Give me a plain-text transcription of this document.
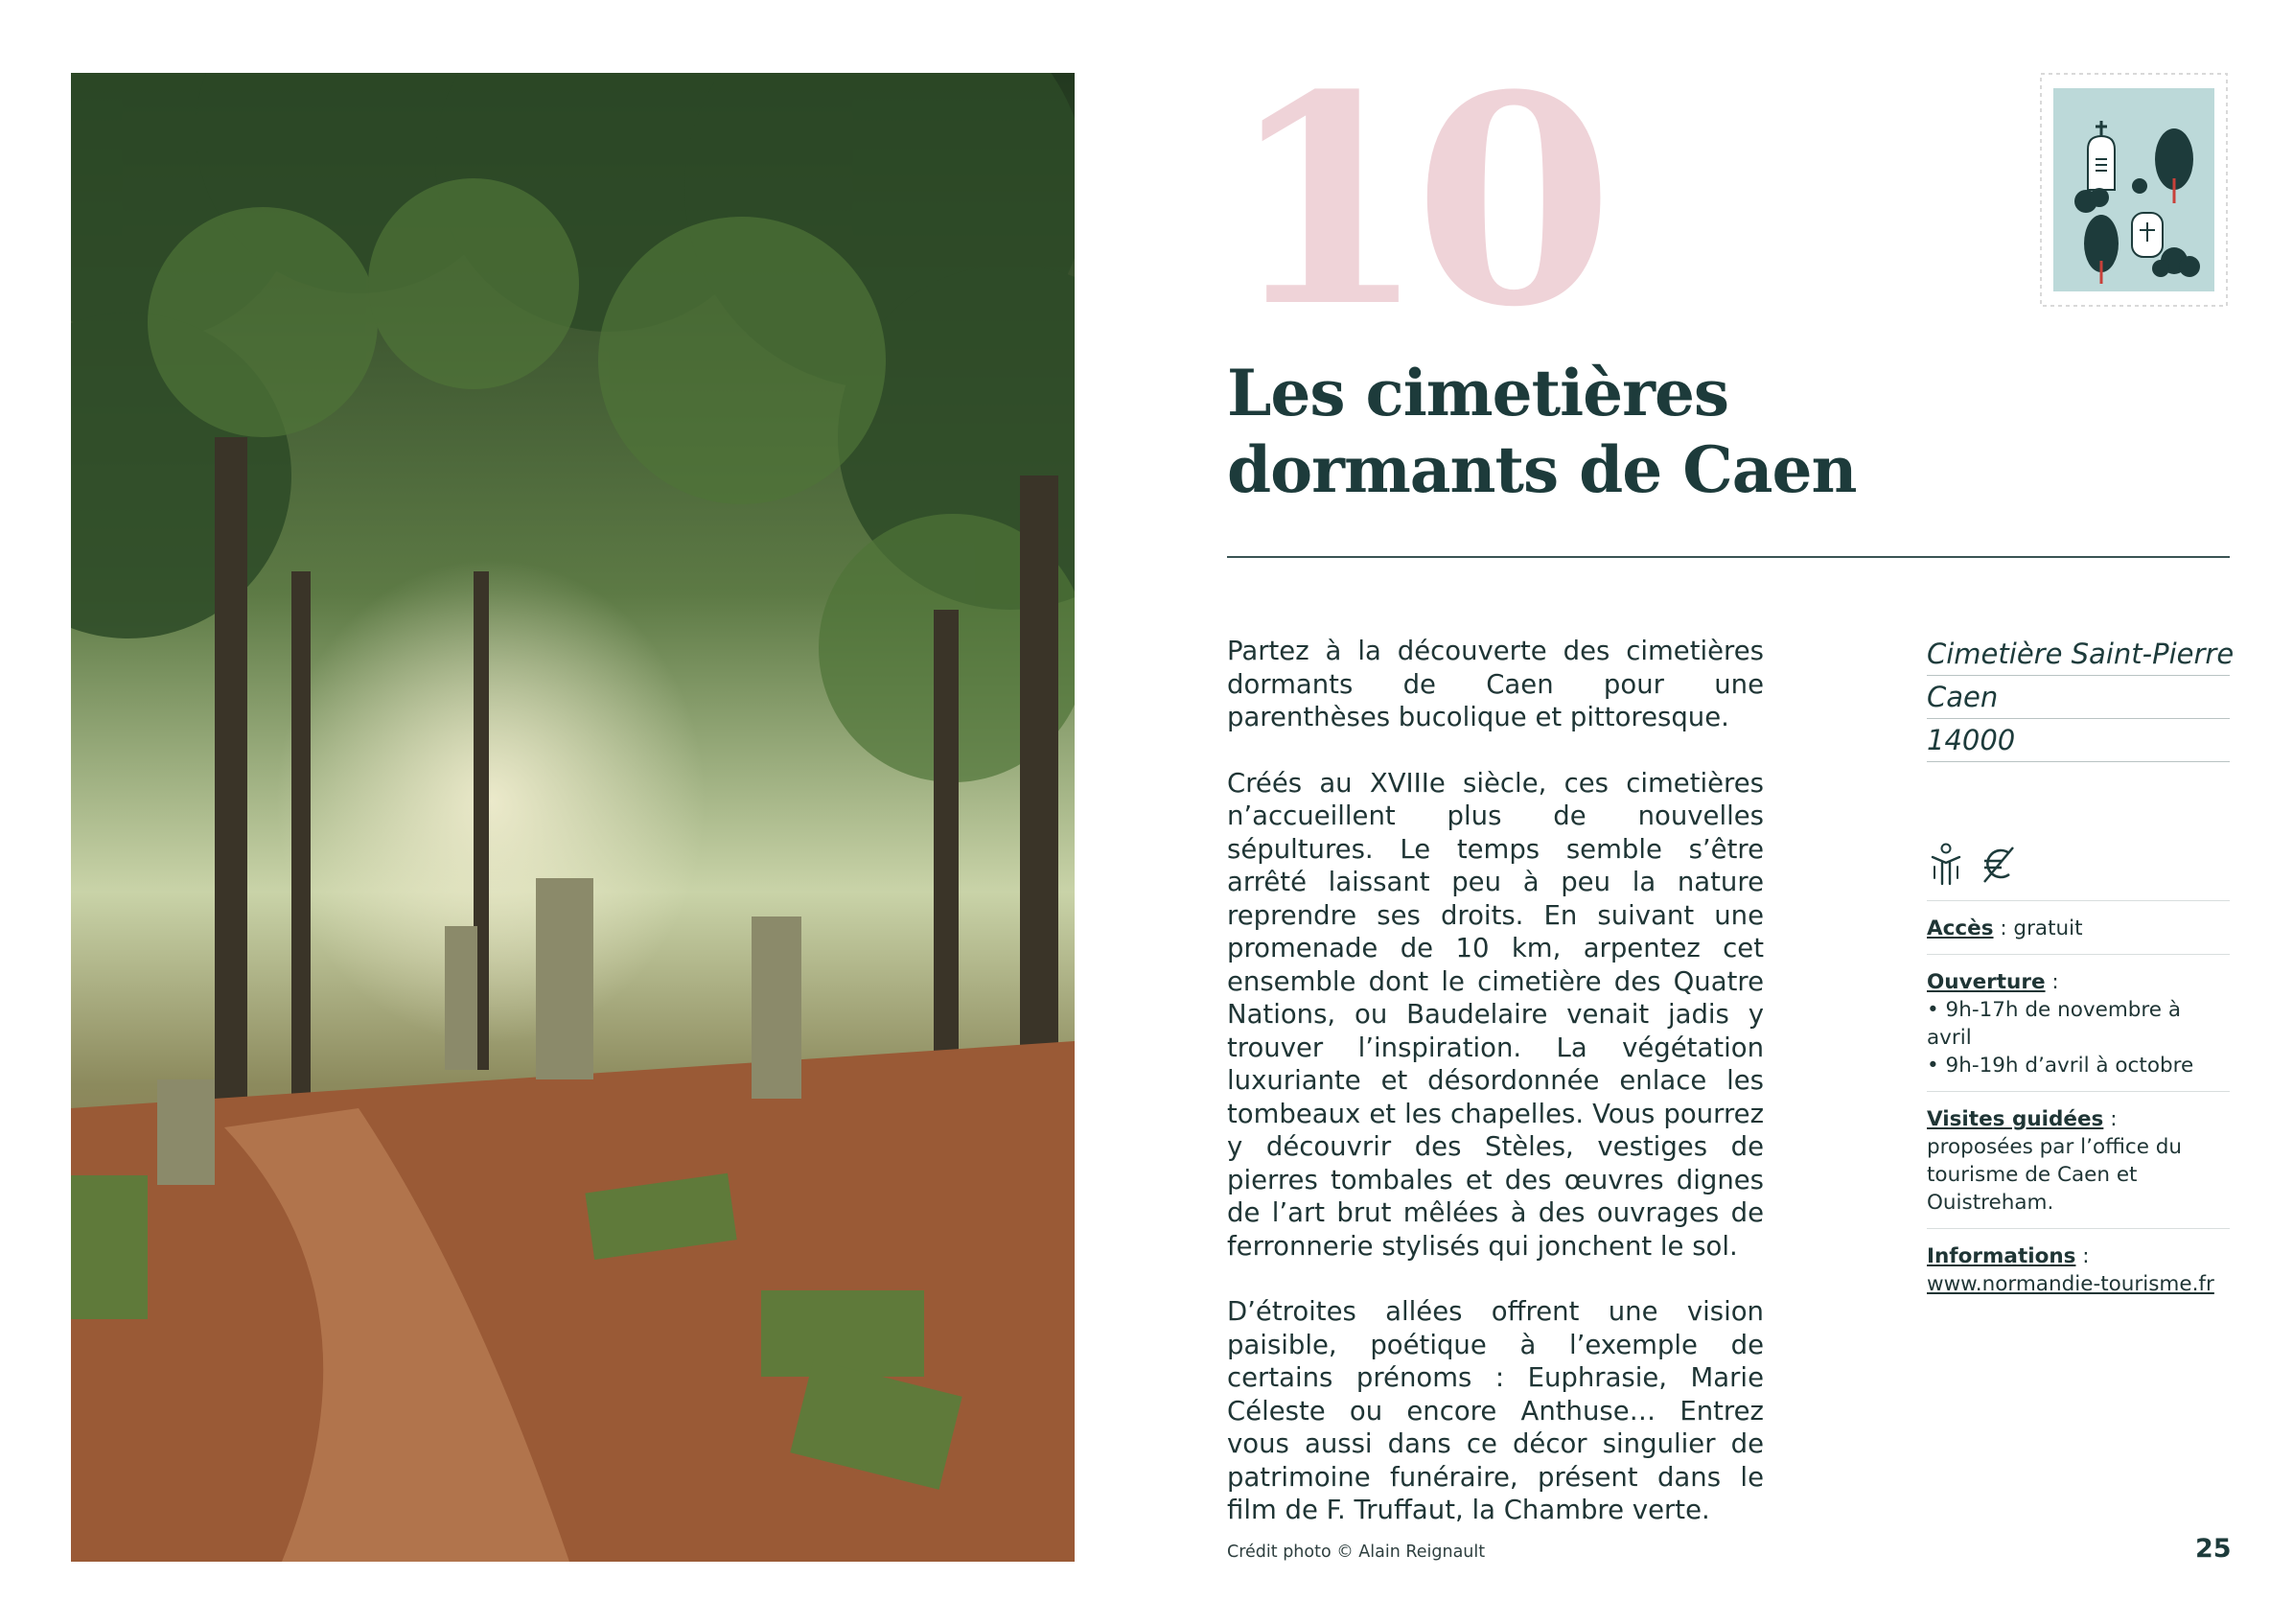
10
Les cimetières
dormants de Caen

Partez à la découverte des cimetières dormants de Caen pour une parenthèses bucolique et pittoresque.

Créés au XVIIIe siècle, ces cimetières n’accueillent plus de nouvelles sépultures. Le temps semble s’être arrêté laissant peu à peu la nature reprendre ses droits. En suivant une promenade de 10 km, arpentez cet ensemble dont le cimetière des Quatre Nations, ou Baudelaire venait jadis y trouver l’inspiration. La végétation luxuriante et désordonnée enlace les tombeaux et les chapelles. Vous pourrez y découvrir des Stèles, vestiges de pierres tombales et des œuvres dignes de l’art brut mêlées à des ouvrages de ferronnerie stylisés qui jonchent le sol.

D’étroites allées offrent une vision paisible, poétique à l’exemple de certains prénoms : Euphrasie, Marie Céleste ou encore Anthuse… Entrez vous aussi dans ce décor singulier de patrimoine funéraire, présent dans le film de F. Truffaut, la Chambre verte.

Cimetière Saint-Pierre
Caen
14000
Accès : gratuit
Ouverture :
• 9h-17h de novembre à avril
• 9h-19h d’avril à octobre
Visites guidées : proposées par l’office du tourisme de Caen et Ouistreham.
Informations :
www.normandie-tourisme.fr
Crédit photo © Alain Reignault	25
